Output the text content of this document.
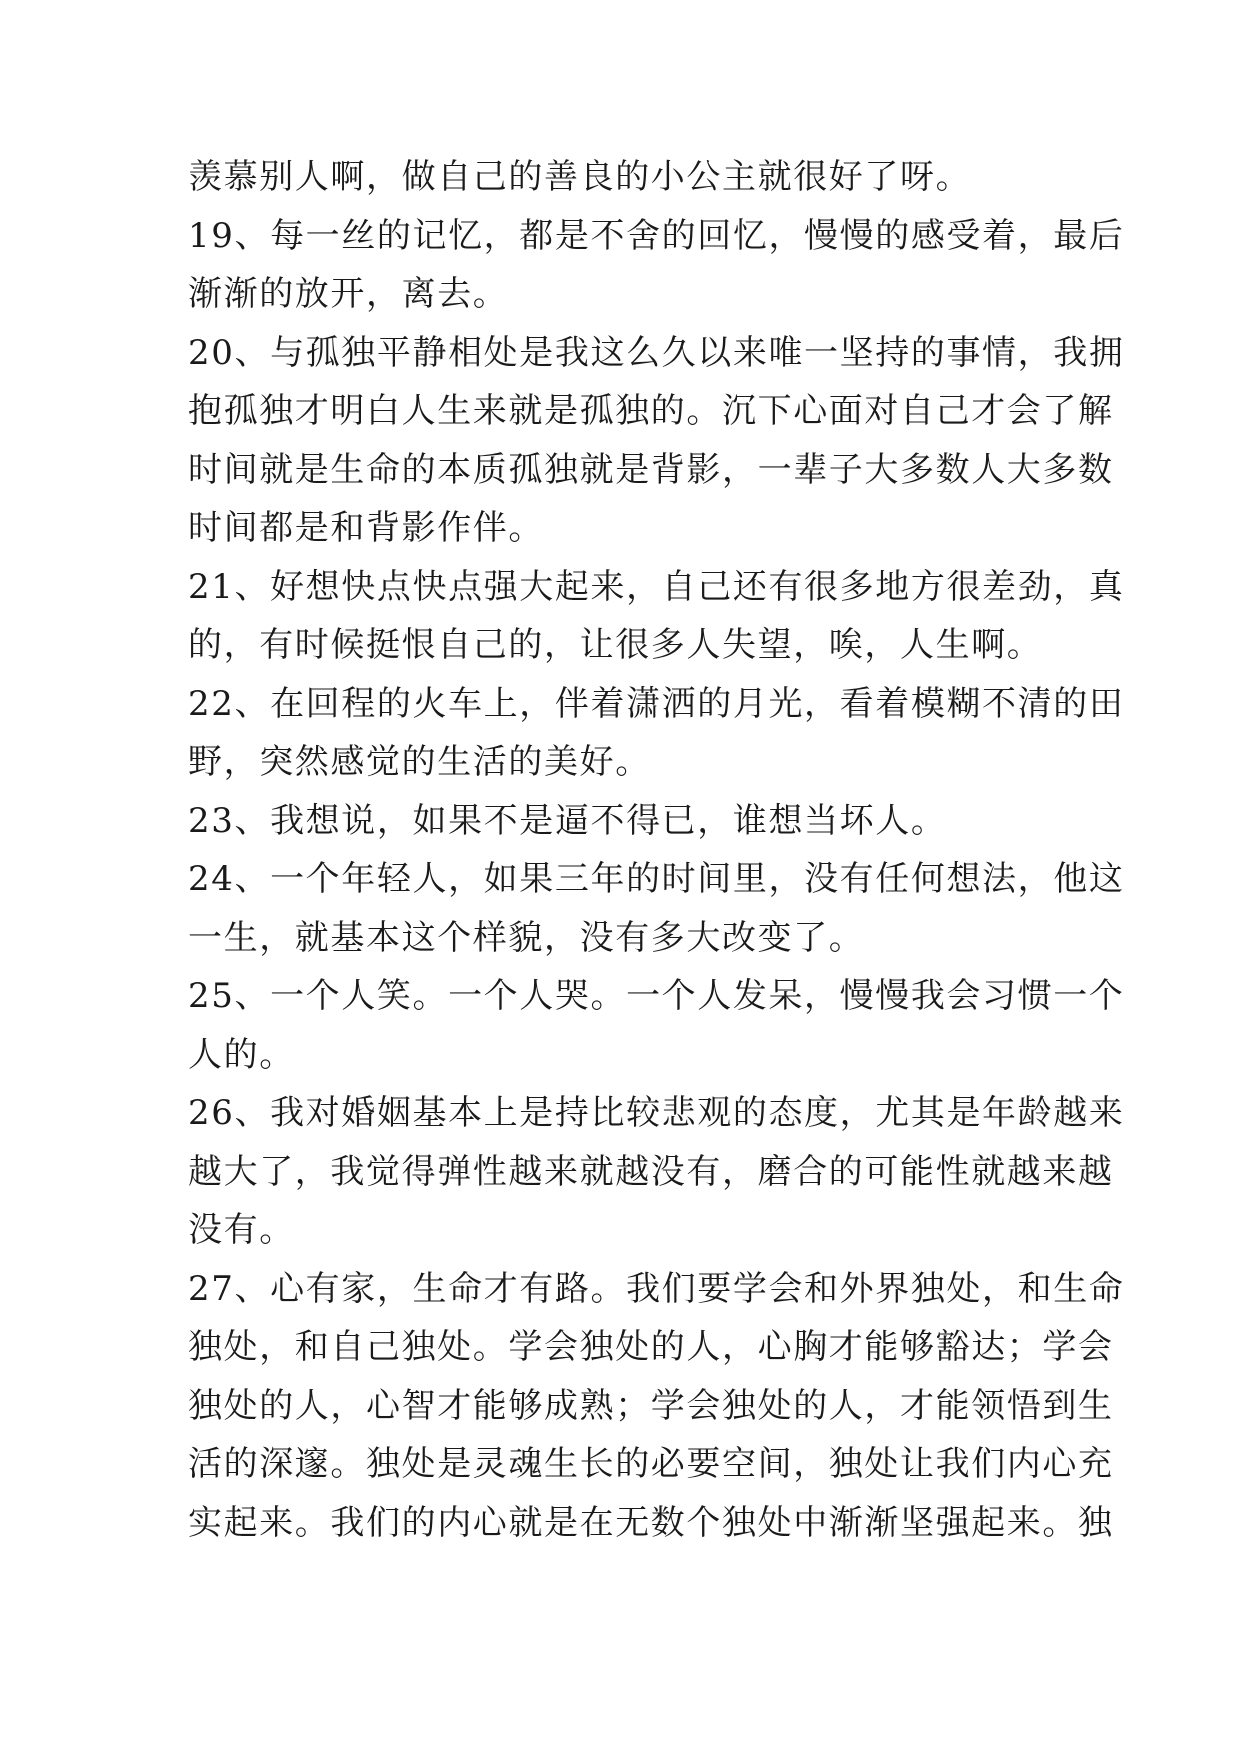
羡慕别人啊，做自己的善良的小公主就很好了呀。
19、每一丝的记忆，都是不舍的回忆，慢慢的感受着，最后
渐渐的放开，离去。
20、与孤独平静相处是我这么久以来唯一坚持的事情，我拥
抱孤独才明白人生来就是孤独的。沉下心面对自己才会了解
时间就是生命的本质孤独就是背影，一辈子大多数人大多数
时间都是和背影作伴。
21、好想快点快点强大起来，自己还有很多地方很差劲，真
的，有时候挺恨自己的，让很多人失望，唉，人生啊。
22、在回程的火车上，伴着潇洒的月光，看着模糊不清的田
野，突然感觉的生活的美好。
23、我想说，如果不是逼不得已，谁想当坏人。
24、一个年轻人，如果三年的时间里，没有任何想法，他这
一生，就基本这个样貌，没有多大改变了。
25、一个人笑。一个人哭。一个人发呆，慢慢我会习惯一个
人的。
26、我对婚姻基本上是持比较悲观的态度，尤其是年龄越来
越大了，我觉得弹性越来就越没有，磨合的可能性就越来越
没有。
27、心有家，生命才有路。我们要学会和外界独处，和生命
独处，和自己独处。学会独处的人，心胸才能够豁达；学会
独处的人，心智才能够成熟；学会独处的人，才能领悟到生
活的深邃。独处是灵魂生长的必要空间，独处让我们内心充
实起来。我们的内心就是在无数个独处中渐渐坚强起来。独
